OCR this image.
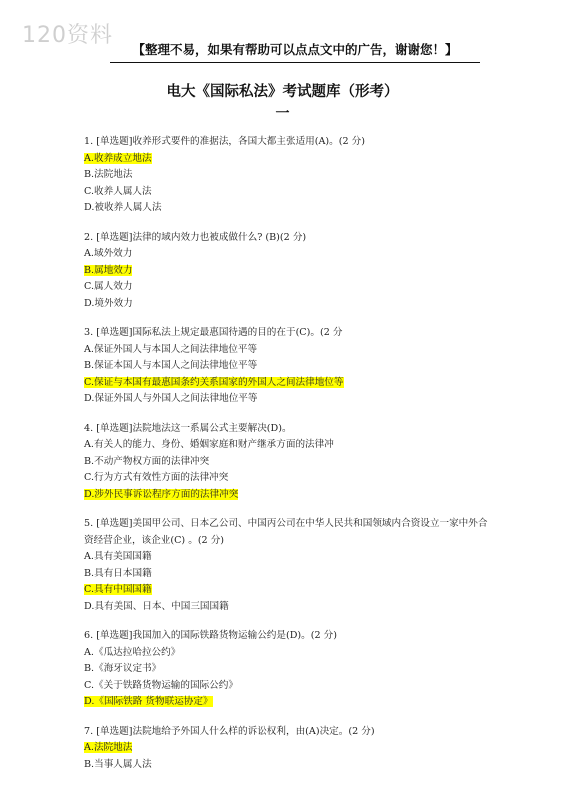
120资料
【整理不易，如果有帮助可以点点文中的广告，谢谢您！】
电大《国际私法》考试题库（形考）
一
1. [单选题]收养形式要件的准据法，各国大都主张适用(A)。(2 分)
A.收养成立地法
B.法院地法
C.收养人属人法
D.被收养人属人法
2. [单选题]法律的域内效力也被成做什么? (B)(2 分)
A.域外效力
B.属地效力
C.属人效力
D.境外效力
3. [单选题]国际私法上规定最惠国待遇的目的在于(C)。(2 分
A.保证外国人与本国人之间法律地位平等
B.保证本国人与本国人之间法律地位平等
C.保证与本国有最惠国条约关系国家的外国人之间法律地位等
D.保证外国人与外国人之间法律地位平等
4. [单选题]法院地法这一系属公式主要解决(D)。
A.有关人的能力、身份、婚姻家庭和财产继承方面的法律冲
B.不动产物权方面的法律冲突
C.行为方式有效性方面的法律冲突
D.涉外民事诉讼程序方面的法律冲突
5. [单选题]美国甲公司、日本乙公司、中国丙公司在中华人民共和国领域内合资设立一家中外合资经营企业，该企业(C) 。(2 分)
A.具有美国国籍
B.具有日本国籍
C.具有中国国籍
D.具有美国、日本、中国三国国籍
6. [单选题]我国加入的国际铁路货物运输公约是(D)。(2 分)
A.《瓜达拉哈拉公约》
B.《海牙议定书》
C.《关于铁路货物运输的国际公约》
D.《国际铁路 货物联运协定》
7. [单选题]法院地给予外国人什么样的诉讼权利，由(A)决定。(2 分)
A.法院地法
B.当事人属人法
